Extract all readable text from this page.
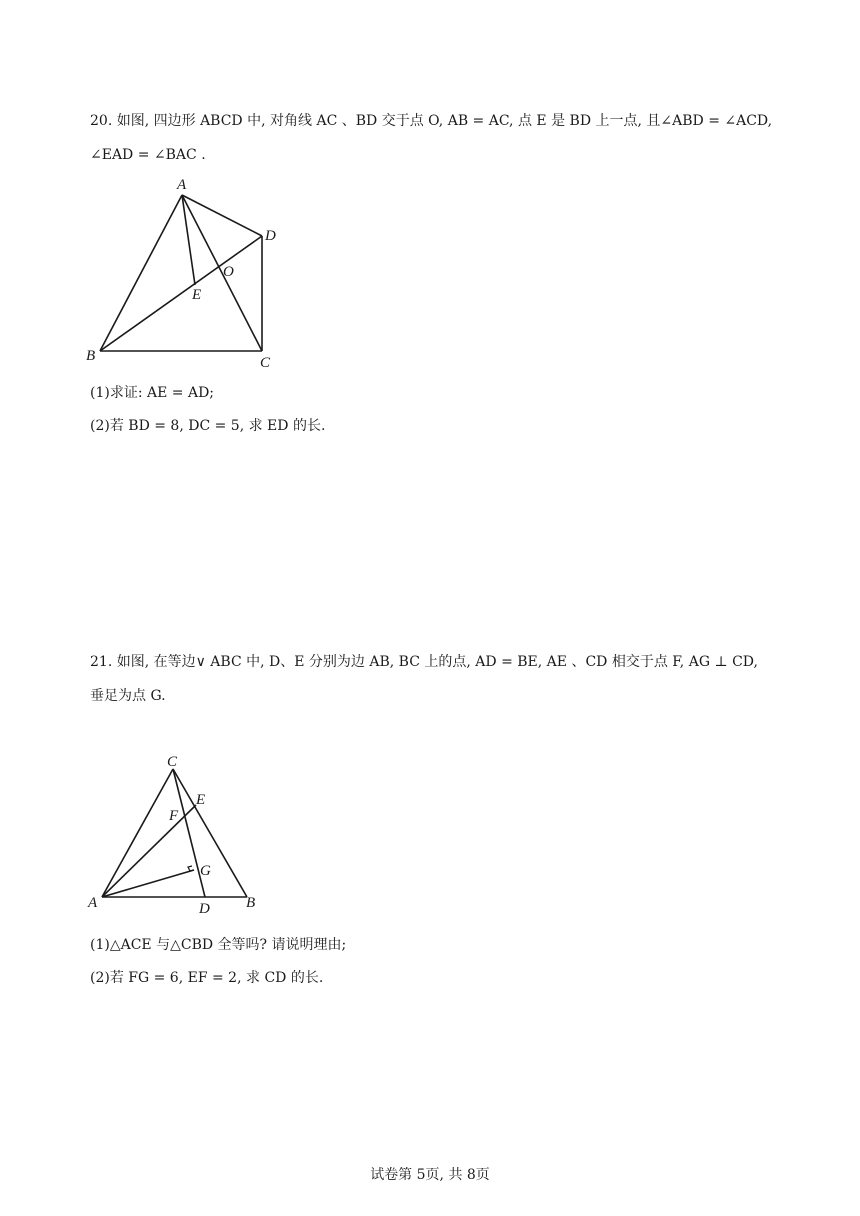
20. 如图, 四边形 ABCD 中, 对角线 AC 、BD 交于点 O, AB = AC, 点 E 是 BD 上一点, 且∠ABD = ∠ACD,

∠EAD = ∠BAC .

A
B	C
D
E
O

(1)求证: AE = AD;

(2)若 BD = 8, DC = 5, 求 ED 的长.

21. 如图, 在等边∨ ABC 中, D、E 分别为边 AB, BC 上的点, AD = BE, AE 、CD 相交于点 F, AG ⊥ CD,

垂足为点 G.

C
E
F
G
A	D B

(1)△ACE 与△CBD 全等吗? 请说明理由;

(2)若 FG = 6, EF = 2, 求 CD 的长.

试卷第 5页, 共 8页
